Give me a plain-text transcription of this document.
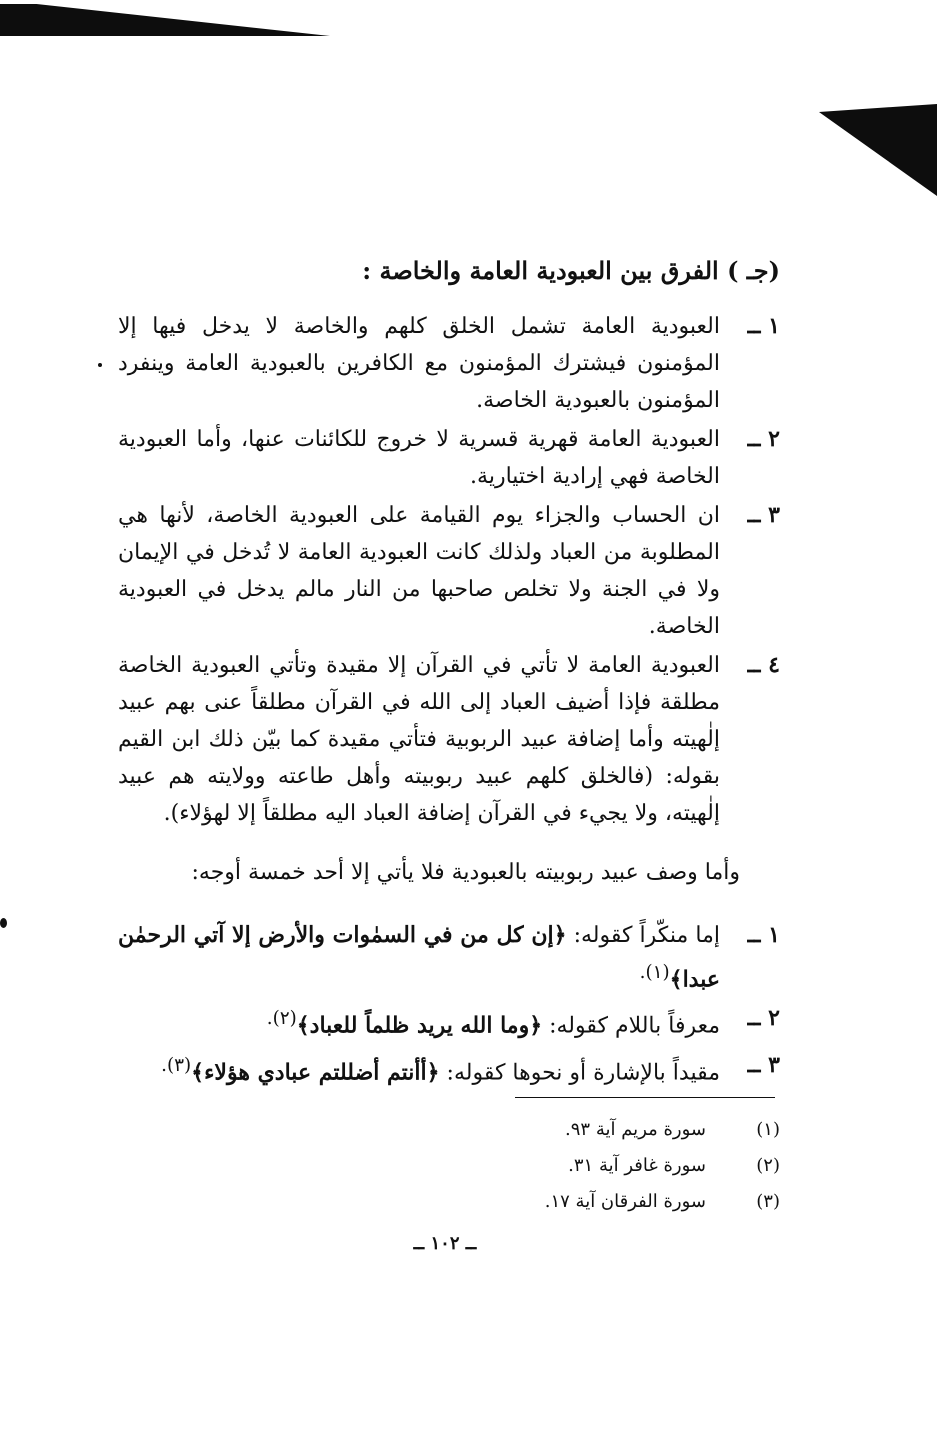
(جـ ) الفرق بين العبودية العامة والخاصة :
١ ــ
العبودية العامة تشمل الخلق كلهم والخاصة لا يدخل فيها إلا المؤمنون فيشترك المؤمنون مع الكافرين بالعبودية العامة وينفرد المؤمنون بالعبودية الخاصة.
٢ ــ
العبودية العامة قهرية قسرية لا خروج للكائنات عنها، وأما العبودية الخاصة فهي إرادية اختيارية.
٣ ــ
ان الحساب والجزاء يوم القيامة على العبودية الخاصة، لأنها هي المطلوبة من العباد ولذلك كانت العبودية العامة لا تُدخل في الإيمان ولا في الجنة ولا تخلص صاحبها من النار مالم يدخل في العبودية الخاصة.
٤ ــ
العبودية العامة لا تأتي في القرآن إلا مقيدة وتأتي العبودية الخاصة مطلقة فإذا أضيف العباد إلى الله في القرآن مطلقاً عنى بهم عبيد إلٰهيته وأما إضافة عبيد الربوبية فتأتي مقيدة كما بيّن ذلك ابن القيم بقوله: (فالخلق كلهم عبيد ربوبيته وأهل طاعته وولايته هم عبيد إلٰهيته، ولا يجيء في القرآن إضافة العباد اليه مطلقاً إلا لهؤلاء).
وأما وصف عبيد ربوبيته بالعبودية فلا يأتي إلا أحد خمسة أوجه:
١ ــ
إما منكّراً كقوله: ﴿إن كل من في السمٰوات والأرض إلا آتي الرحمٰن عبدا﴾$^{(١).}$
٢ ــ
معرفاً باللام كقوله: ﴿وما الله يريد ظلماً للعباد﴾$^{(٢).}$
٣ ــ
مقيداً بالإشارة أو نحوها كقوله: ﴿أأنتم أضللتم عبادي هؤلاء﴾$^{(٣).}$
(١)
سورة مريم آية ٩٣.
(٢)
سورة غافر آية ٣١.
(٣)
سورة الفرقان آية ١٧.
ــ ١٠٢ ــ
